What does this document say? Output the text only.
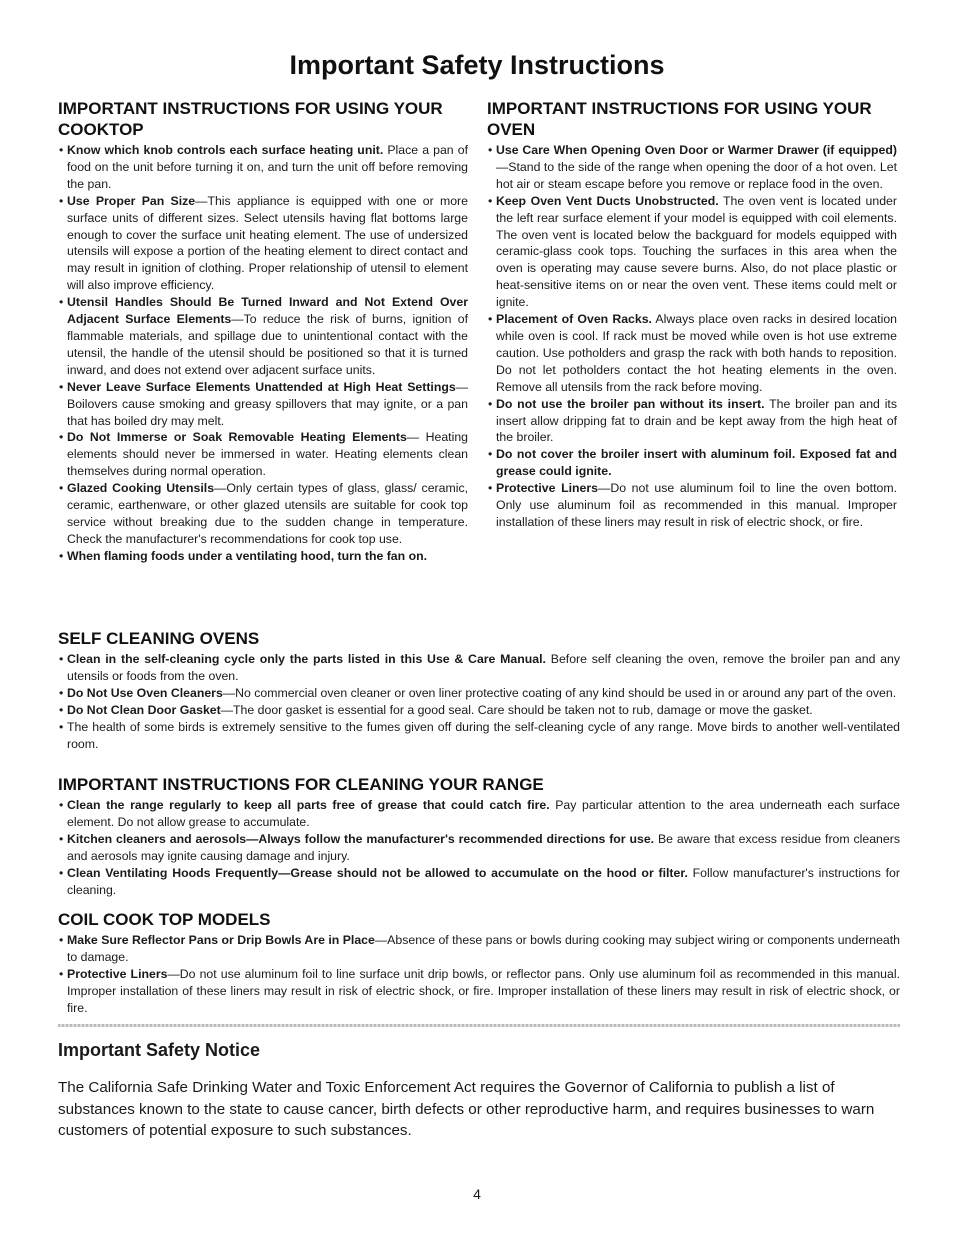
Important Safety Instructions
IMPORTANT INSTRUCTIONS FOR USING YOUR COOKTOP
• Know which knob controls each surface heating unit. Place a pan of food on the unit before turning it on, and turn the unit off before removing the pan.
• Use Proper Pan Size—This appliance is equipped with one or more surface units of different sizes. Select utensils having flat bottoms large enough to cover the surface unit heating element. The use of undersized utensils will expose a portion of the heating element to direct contact and may result in ignition of clothing. Proper relationship of utensil to element will also improve efficiency.
• Utensil Handles Should Be Turned Inward and Not Extend Over Adjacent Surface Elements—To reduce the risk of burns, ignition of flammable materials, and spillage due to unintentional contact with the utensil, the handle of the utensil should be positioned so that it is turned inward, and does not extend over adjacent surface units.
• Never Leave Surface Elements Unattended at High Heat Settings—Boilovers cause smoking and greasy spillovers that may ignite, or a pan that has boiled dry may melt.
• Do Not Immerse or Soak Removable Heating Elements— Heating elements should never be immersed in water. Heating elements clean themselves during normal operation.
• Glazed Cooking Utensils—Only certain types of glass, glass/ ceramic, ceramic, earthenware, or other glazed utensils are suitable for cook top service without breaking due to the sudden change in temperature. Check the manufacturer's recommendations for cook top use.
• When flaming foods under a ventilating hood, turn the fan on.
IMPORTANT INSTRUCTIONS FOR USING YOUR OVEN
• Use Care When Opening Oven Door or Warmer Drawer (if equipped)—Stand to the side of the range when opening the door of a hot oven. Let hot air or steam escape before you remove or replace food in the oven.
• Keep Oven Vent Ducts Unobstructed. The oven vent is located under the left rear surface element if your model is equipped with coil elements. The oven vent is located below the backguard for models equipped with ceramic-glass cook tops. Touching the surfaces in this area when the oven is operating may cause severe burns. Also, do not place plastic or heat-sensitive items on or near the oven vent. These items could melt or ignite.
• Placement of Oven Racks. Always place oven racks in desired location while oven is cool. If rack must be moved while oven is hot use extreme caution. Use potholders and grasp the rack with both hands to reposition. Do not let potholders contact the hot heating elements in the oven. Remove all utensils from the rack before moving.
• Do not use the broiler pan without its insert. The broiler pan and its insert allow dripping fat to drain and be kept away from the high heat of the broiler.
• Do not cover the broiler insert with aluminum foil. Exposed fat and grease could ignite.
• Protective Liners—Do not use aluminum foil to line the oven bottom. Only use aluminum foil as recommended in this manual. Improper installation of these liners may result in risk of electric shock, or fire.
SELF CLEANING OVENS
• Clean in the self-cleaning cycle only the parts listed in this Use & Care Manual. Before self cleaning the oven, remove the broiler pan and any utensils or foods from the oven.
• Do Not Use Oven Cleaners—No commercial oven cleaner or oven liner protective coating of any kind should be used in or around any part of the oven.
• Do Not Clean Door Gasket—The door gasket is essential for a good seal. Care should be taken not to rub, damage or move the gasket.
• The health of some birds is extremely sensitive to the fumes given off during the self-cleaning cycle of any range. Move birds to another well-ventilated room.
IMPORTANT INSTRUCTIONS FOR CLEANING YOUR RANGE
• Clean the range regularly to keep all parts free of grease that could catch fire. Pay particular attention to the area underneath each surface element. Do not allow grease to accumulate.
• Kitchen cleaners and aerosols—Always follow the manufacturer's recommended directions for use. Be aware that excess residue from cleaners and aerosols may ignite causing damage and injury.
• Clean Ventilating Hoods Frequently—Grease should not be allowed to accumulate on the hood or filter. Follow manufacturer's instructions for cleaning.
COIL COOK TOP MODELS
• Make Sure Reflector Pans or Drip Bowls Are in Place—Absence of these pans or bowls during cooking may subject wiring or components underneath to damage.
• Protective Liners—Do not use aluminum foil to line surface unit drip bowls, or reflector pans. Only use aluminum foil as recommended in this manual. Improper installation of these liners may result in risk of electric shock, or fire. Improper installation of these liners may result in risk of electric shock, or fire.
Important Safety Notice

The California Safe Drinking Water and Toxic Enforcement Act requires the Governor of California to publish a list of substances known to the state to cause cancer, birth defects or other reproductive harm, and requires businesses to warn customers of potential exposure to such substances.

4
